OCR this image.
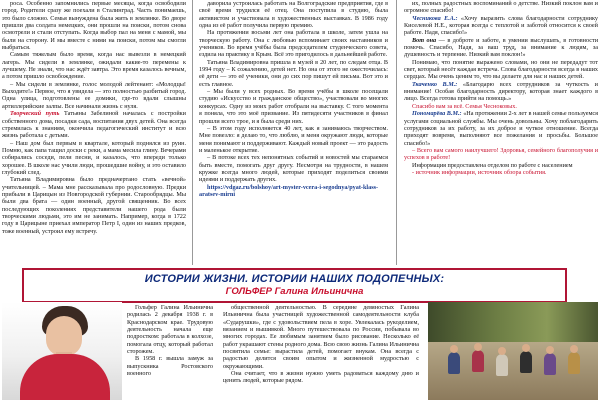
роса. Особенно запомнились первые месяцы, когда освободили город. Родители сразу же поехали в Сталинград. Часть понимаешь, это было сложно. Семья вынуждена была жить в землянке. Во дворе пришли два солдата немецких, они прошли на поиски, потом снова осмотрели и стали отступать. Когда выбор пал на меня с мамой, мы были на сторону. И мы вместе с ними на поиски, потом мы смогли выбраться.

Самым тяжелым было время, когда нас вывезли в немецкий лагерь. Мы сидели в землянке, ожидали какие-то перемены к лучшему. Не знали, что нас ждёт завтра. Это время казалось вечным, а потом пришло освобождение.

– Мы сидели в землянке, голос молодой лейтенант: «Молодцы! Выходите!» Первое, что я увидела — это полностью разбитый город. Одна улица, подготовлены ее домики, где-то вдали слышны артиллерийские залпы. Все начинали жизнь с нуля.

Творческий путь Татьяны Забелиной началась с постройки собственного дома, посадки сада, воспитания двух детей. Она всегда стремилась к знаниям, окончила педагогический институт и всю жизнь работала с детьми.

– Наш дом был первым в квартале, который поднялся из руин. Помню, как папа тащил доски с реки, а мама месила глину. Вечерами собирались соседи, пели песни, и казалось, что впереди только хорошее. В школе нас учили люди, прошедшие войну, и это оставило глубокий след.

Татьяна Владимировна было предначертано стать «вечной» учительницей. – Мама мне рассказывала про родословную. Предки прибыли в Царицын из Новгородской губернии. Старообрядцы. Мы были два брата — один военный, другой священник. Во всех последующих поколениях представители нашего рода были творческими людьми, это им не занимать. Например, когда в 1722 году в Царицыне приехал император Петр I, один из наших предков, тоже военный, устроил ему встречу.

даворила устроилась работать на Волгоградские предприятия, где в своё время трудился её отец. Она поступила в студию, была активистом и участвовала в художественных выставках. В 1986 году одна из её работ получила первую премию.

На протяжении восьми лет она работала в школе, затем ушла на творческую работу. Она с любовью вспоминает своих наставников и учеников. Во время учёбы была председателем студенческого совета, ездила на практику в Крым. Всё это пригодилось в дальнейшей работе.

Татьяна Владимировна пришла в музей в 20 лет, по следам отца. В 1994 году – К сожалению, детей нет. Но она от этого не ожесточилась: её дети — это её ученики, они до сих пор пишут ей письма. Вот это и есть главное.

– Мы были у всех родных. Во время учёбы в школе посещали студию «Искусство и гражданское общество», участвовали во многих конкурсах. Одну из моих работ отобрали на выставку. С того момента я поняла, что это моё призвание. Из пятидесяти участников в финал прошли всего трое, и я была среди них.

– В этом году исполняется 40 лет, как я занимаюсь творчеством. Мне повезло: я делаю то, что люблю, и меня окружают люди, которые меня понимают и поддерживают. Каждый новый проект — это радость и маленькое открытие.

– В потоке всех тех непонятных событий и новостей мы стараемся быть вместе, помогать друг другу. Несмотря на трудности, в нашем кружке всегда много людей, которые приходят поделиться своими идеями и поддержать других.

https://vdgaz.ru/bolshoy/art-myster-vcera-i-segodnya/pyat-klass-aratsev-mirni

их, полных радостных воспоминаний о детстве. Низкий поклон вам и огромное спасибо!

Чесникова Е.А.: «Хочу выразить слова благодарности сотруднику Киселевой Н.Е., которая всегда с теплотой и заботой относится к своей работе. Надя, спасибо!»

Вот она — в доброте и заботе, в умении выслушать, в готовности помочь. Спасибо, Надя, за ваш труд, за внимание к людям, за душевность и терпение. Низкий вам поклон!»

Понимаю, что понятие выражено словами, но они не передадут тот свет, который несёт каждая встреча. Слова благодарности всегда в наших сердцах. Мы очень ценим то, что вы делаете для нас и наших детей.

Ткаченко В.М.: «Благодарю всех сотрудников за чуткость и внимание! Особая благодарность директору, которая знает каждого в лицо. Всегда готова прийти на помощь.»

Спасибо вам за всё. Семья Чесноковых.

Пономарёва В.М.: «На протяжении 2-х лет в нашей семье пользуемся услугами социальной службы. Мы очень довольны. Хочу поблагодарить сотрудников за их работу, за их доброе и чуткое отношение. Всегда приходят вовремя, выполняют все пожелания и просьбы. Большое спасибо!»

– Всего вам самого наилучшего! Здоровья, семейного благополучия и успехов в работе!

Информация предоставлена отделом по работе с населением

- источник информации, источник обзора события.

ИСТОРИИ ЖИЗНИ. ИСТОРИИ НАШИХ ПОДОПЕЧНЫХ:
ГОЛЬФЕР Галина Ильинична

Гольфер Галина Ильинична родилась 2 декабря 1938 г. в Краснодарском крае. Трудовую деятельность начала еще подростком: работала в колхозе, помогала отцу, который работал сторожем.

В 1958 г. вышла замуж за выпускника Ростовского военного

общественной деятельностью. В середине девяностых Галина Ильинична была участницей художественной самодеятельности клуба «Сударушки», где с удовольствием пела в хоре. Увлекалась рукоделием, вязанием и вышивкой. Много путешествовала по России, побывала во многих городах. Ее любимым занятием было рисование. Несколько её работ украшают стены родного дома. Всю свою жизнь Галина Ильинична посвятила семье: вырастила детей, помогает внукам. Она всегда с радостью делится своим опытом и жизненной мудростью с окружающими.

Она считает, что в жизни нужно уметь радоваться каждому дню и ценить людей, которые рядом.
